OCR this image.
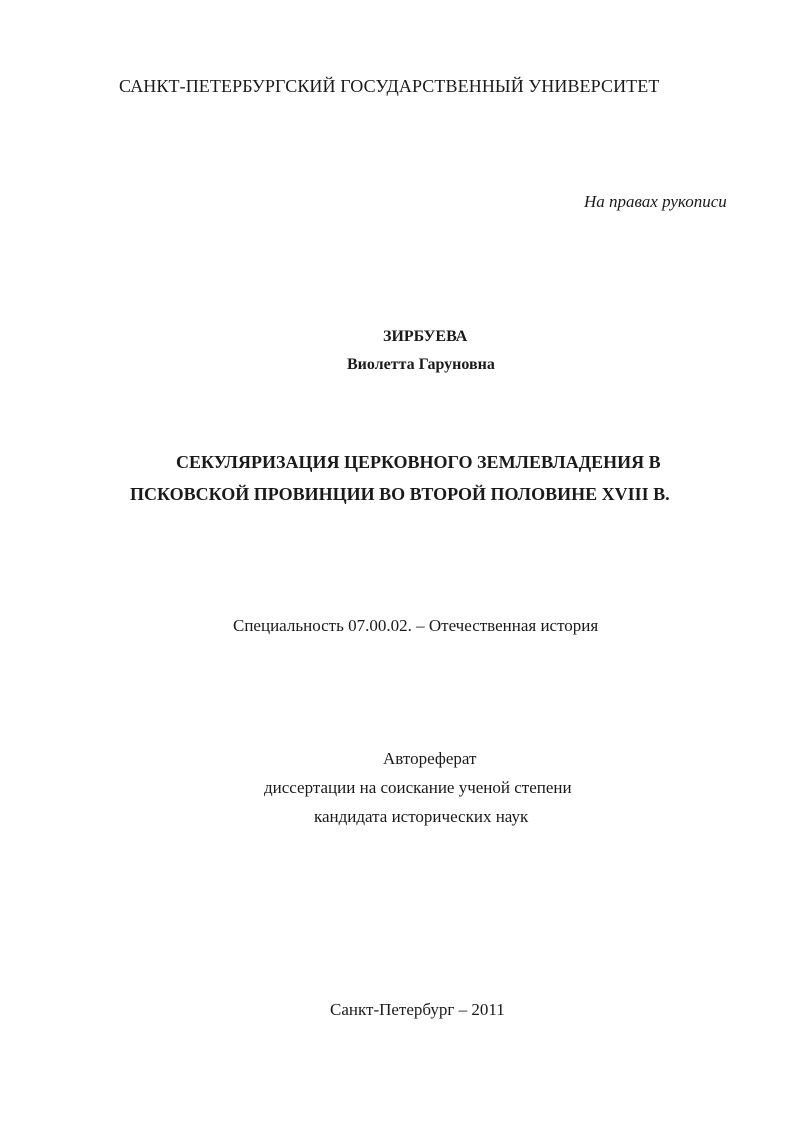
САНКТ-ПЕТЕРБУРГСКИЙ ГОСУДАРСТВЕННЫЙ УНИВЕРСИТЕТ
На правах рукописи
ЗИРБУЕВА
Виолетта Гаруновна
СЕКУЛЯРИЗАЦИЯ ЦЕРКОВНОГО ЗЕМЛЕВЛАДЕНИЯ В
ПСКОВСКОЙ ПРОВИНЦИИ ВО ВТОРОЙ ПОЛОВИНЕ XVIII В.
Специальность 07.00.02. – Отечественная история
Автореферат
диссертации на соискание ученой степени
кандидата исторических наук
Санкт-Петербург – 2011
